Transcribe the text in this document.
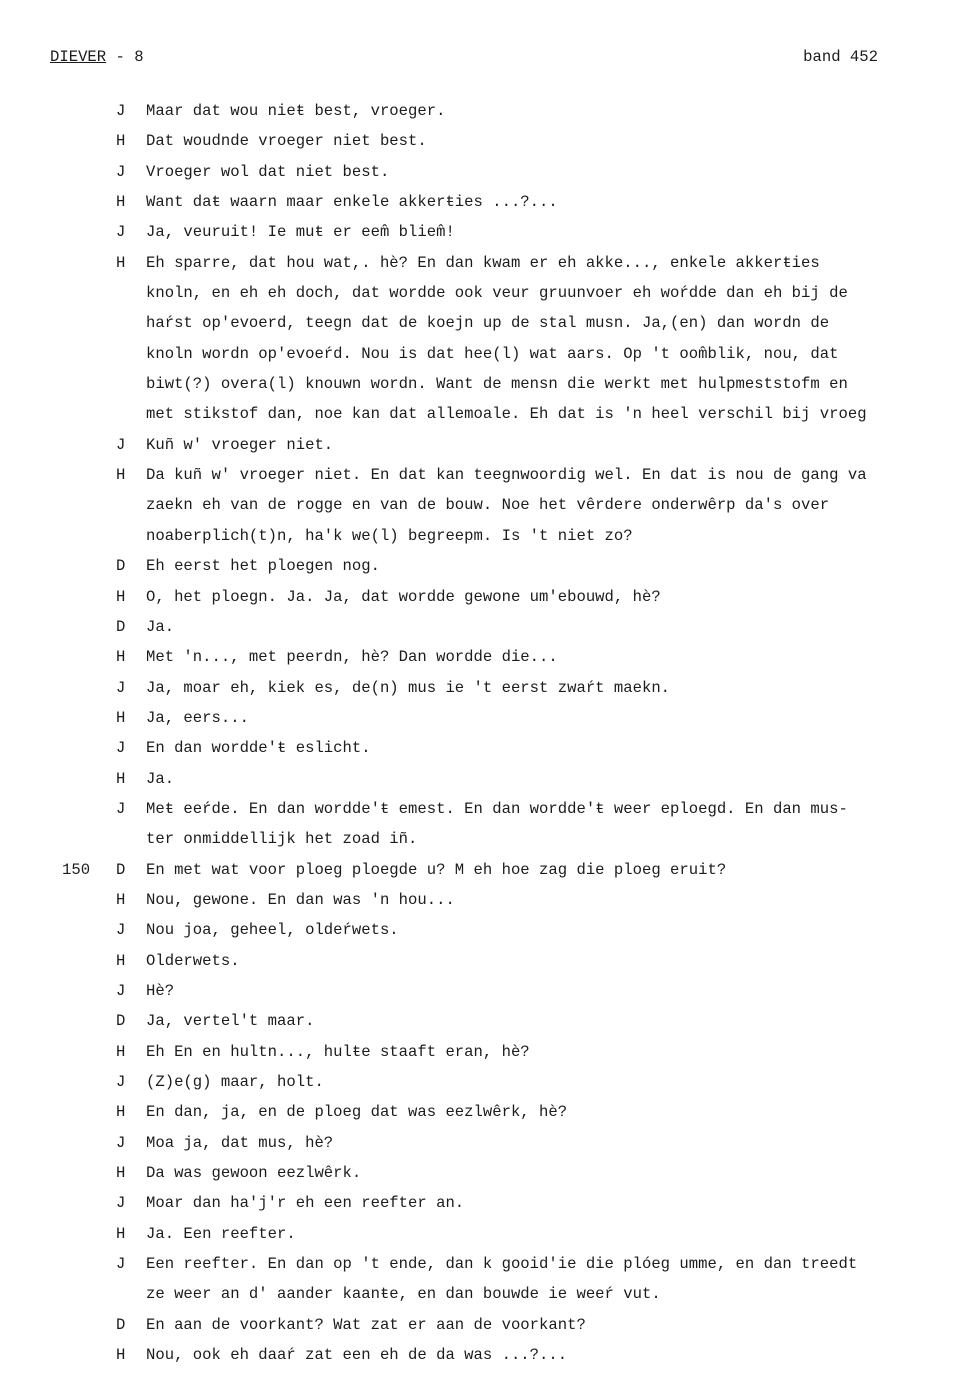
DIEVER - 8	band 452
J Maar dat wou nieŧ best, vroeger.
H Dat woudnde vroeger niet best.
J Vroeger wol dat niet best.
H Want daŧ waarn maar enkele akkerŧies ...?...
J Ja, veuruit! Ie muŧ er eem̂ bliem̂!
H Eh sparre, dat hou wat,. hè? En dan kwam er eh akke..., enkele akkerŧies
knoln, en eh eh doch, dat wordde ook veur gruunvoer eh woŕdde dan eh bij de
haŕst op'evoerd, teegn dat de koejn up de stal musn. Ja,(en) dan wordn de
knoln wordn op'evoeŕd. Nou is dat hee(l) wat aars. Op 't oom̂blik, nou, dat
biwt(?) overa(l) knouwn wordn. Want de mensn die werkt met hulpmeststofm en
met stikstof dan, noe kan dat allemoale. Eh dat is 'n heel verschil bij vroeg
J Kuñ w' vroeger niet.
H Da kuñ w' vroeger niet. En dat kan teegnwoordig wel. En dat is nou de gang va
zaekn eh van de rogge en van de bouw. Noe het vêrdere onderwêrp da's over
noaberplich(t)n, ha'k we(l) begreepm. Is 't niet zo?
D Eh eerst het ploegen nog.
H O, het ploegn. Ja. Ja, dat wordde gewone um'ebouwd, hè?
D Ja.
H Met 'n..., met peerdn, hè? Dan wordde die...
J Ja, moar eh, kiek es, de(n) mus ie 't eerst zwaŕt maekn.
H Ja, eers...
J En dan wordde'ŧ eslicht.
H Ja.
J Meŧ eeŕde. En dan wordde'ŧ emest. En dan wordde'ŧ weer eploegd. En dan mus-
ter onmiddellijk het zoad iñ.
150 D En met wat voor ploeg ploegde u? M eh hoe zag die ploeg eruit?
H Nou, gewone. En dan was 'n hou...
J Nou joa, geheel, oldeŕwets.
H Olderwets.
J Hè?
D Ja, vertel't maar.
H Eh En en hultn..., hulŧe staaft eran, hè?
J (Z)e(g) maar, holt.
H En dan, ja, en de ploeg dat was eezlwêrk, hè?
J Moa ja, dat mus, hè?
H Da was gewoon eezlwêrk.
J Moar dan ha'j'r eh een reefter an.
H Ja. Een reefter.
J Een reefter. En dan op 't ende, dan k gooid'ie die plóeg umme, en dan treedt
ze weer an d' aander kaanŧe, en dan bouwde ie weeŕ vut.
D En aan de voorkant? Wat zat er aan de voorkant?
H Nou, ook eh daaŕ zat een eh de da was ...?...
